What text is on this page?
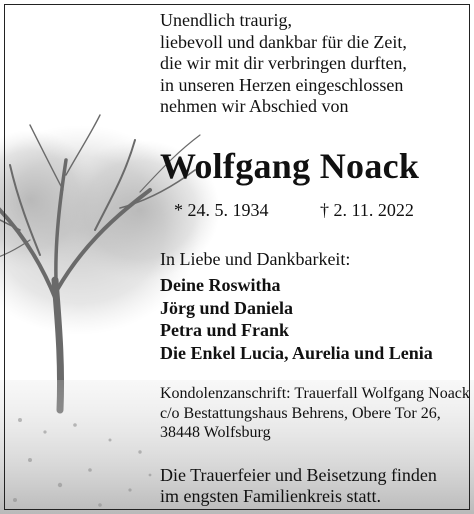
Unendlich traurig,
liebevoll und dankbar für die Zeit,
die wir mit dir verbringen durften,
in unseren Herzen eingeschlossen
nehmen wir Abschied von
Wolfgang Noack
* 24. 5. 1934	† 2. 11. 2022
In Liebe und Dankbarkeit:
Deine Roswitha
Jörg und Daniela
Petra und Frank
Die Enkel Lucia, Aurelia und Lenia
Kondolenzanschrift: Trauerfall Wolfgang Noack
c/o Bestattungshaus Behrens, Obere Tor 26,
38448 Wolfsburg
Die Trauerfeier und Beisetzung finden
im engsten Familienkreis statt.
